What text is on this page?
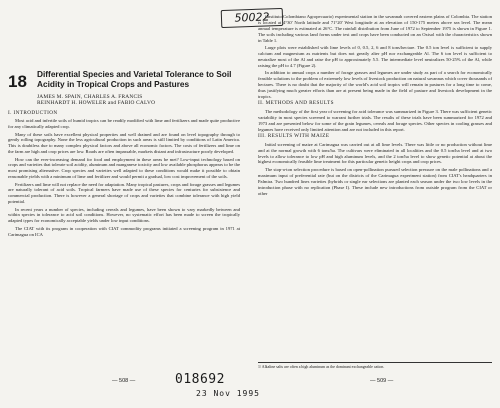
50022
18 Differential Species and Varietal Tolerance to Soil Acidity in Tropical Crops and Pastures
JAMES M. SPAIN, CHARLES A. FRANCIS
REINHARDT H. HOWELER and FABIO CALVO

I. INTRODUCTION

Most acid and infertile soils of humid tropics can be readily modified with lime and fertilizers and made quite productive for any climatically adapted crop.

Many of these soils have excellent physical properties and well drained and are found on level topography through to gently rolling topography. None the less agricultural production in such areas is still limited by conditions of Latin America. This is doubtless due to many complex physical factors and above all economic factors. The costs of fertilizers and lime on the farm are high and crop prices are low. Roads are often impassable, markets distant and infrastructure poorly developed.

How can the ever-increasing demand for food and employment in these areas be met? Low-input technology based on crops and varieties that tolerate soil acidity, aluminum and manganese toxicity and low available phosphorus appears to be the most promising alternative. Crop species and varieties well adapted to these conditions would make it possible to obtain reasonable yields with a minimum of lime and fertilizer and would permit a gradual, low cost improvement of the soils.

Fertilizers and lime will not replace the need for adaptation. Many tropical pastures, crops and forage grasses and legumes are naturally tolerant of acid soils. Tropical farmers have made use of these species for centuries for subsistence and commercial production. There is however a general shortage of crops and varieties that combine tolerance with high yield potential.

In recent years a number of species, including cereals and legumes, have been shown to vary markedly between and within species in tolerance to acid soil conditions. However, no systematic effort has been made to screen the tropically adapted types for economically acceptable yields under low input conditions.

The CIAT with its program in cooperation with CIAT commodity programs initiated a screening program in 1971 at Carimagua on ICA

(Instituto Colombiano Agropecuario) experimental station in the savannah covered eastern plains of Colombia. The station is located at 4°30' North latitude and 71°20' West longitude at an elevation of 150-175 meters above sea level. The mean annual temperature is estimated at 26°C. The rainfall distribution from June of 1972 to September 1975 is shown in Figure 1. The soils including various land forms under test and crops have been conducted on an Oxisol with the characteristics shown in Table 1.

Large plots were established with lime levels of 0, 0.5, 2, 6 and 8 tons/hectare. The 0.5 ton level is sufficient to supply calcium and magnesium as nutrients but does not greatly alter pH nor exchangeable Al. The 6 ton level is sufficient to neutralize most of the Al and raise the pH to approximately 5.5. The intermediate level neutralizes 50-25% of the Al, while raising the pH to 4.7 (Figure 2).

In addition to annual crops a number of forage grasses and legumes are under study as part of a search for economically feasible solutions to the problem of extremely low levels of livestock production on natural savannas which cover thousands of hectares. There is no doubt that the majority of the world's acid soil tropics will remain in pastures for a long time to come, thus justifying much greater efforts than are at present being made in the field of pasture and livestock development in the tropics.

II. METHODS AND RESULTS

The methodology of the first year of screening for acid tolerance was summarized in Figure 3. There was sufficient genetic variability in most species screened to warrant further trials. The results of these trials have been summarized for 1972 and 1973 and are presented below for some of the grain legumes, cereals and forage species. Other species in cooling grasses and legumes have received only limited attention and are not included in this report.

III. RESULTS WITH MAIZE

Initial screening of maize at Carimagua was carried out at all lime levels. There was little or no production without lime and at the normal growth with 6 tons/ha. The cultivars were eliminated in all localities and the 0.5 ton/ha level and at two levels to allow tolerance to low pH and high aluminum levels, and the 2 ton/ha level to show genetic potential at about the highest economically feasible lime treatment for this particular genetic height crops and crop prices.

The stop-a-ton selection procedure is based on open-pollination pursued selection pressure on the male pollinations and a maximum input of preferential rate (but on the districts of the Carimagua experiment station) from CIAT's headquarters in Palmira. Two hundred lines varieties (hybrids or single ear selections are planted each season under the two low levels in the introduction phase with no replication (Phase I). These include new introductions from outside program from the CIAT or other

1/ Alkaline salts are often a high aluminum as the dominant exchangeable cation.
— 508 —	— 509 —
018692
23 Nov 1995
